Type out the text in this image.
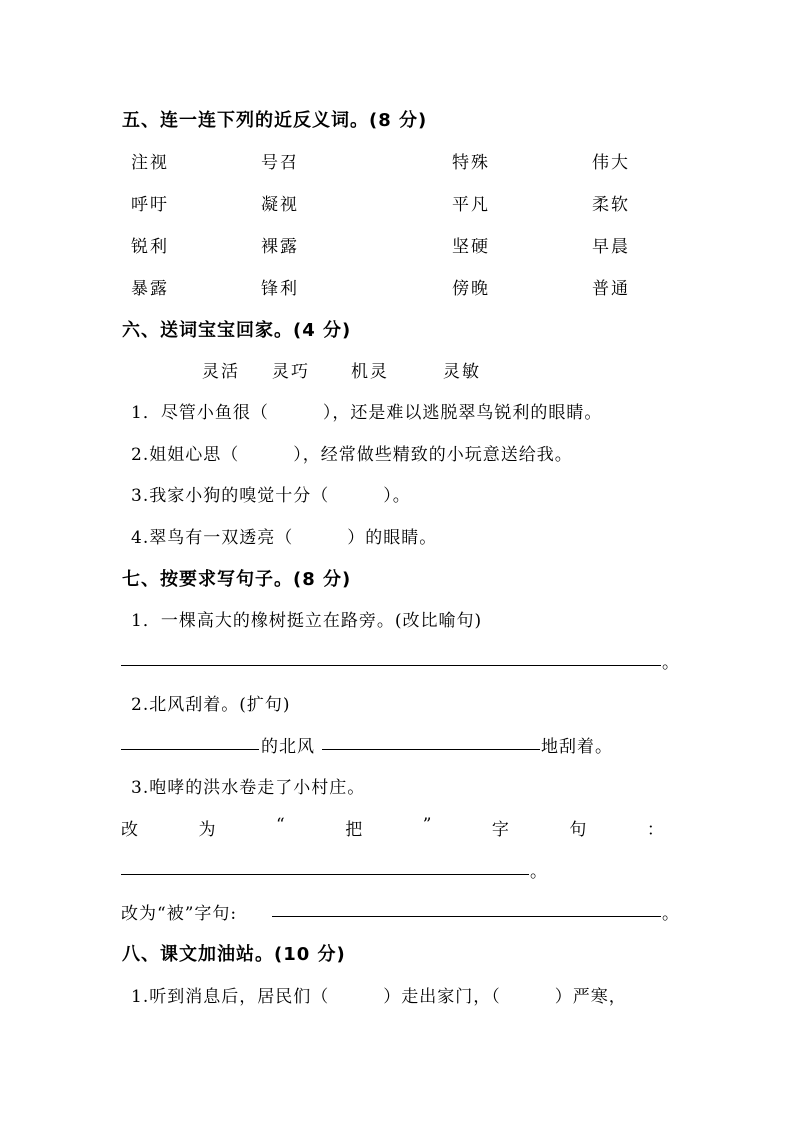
五、连一连下列的近反义词。(8 分)
注视	号召	特殊	伟大
呼吁	凝视	平凡	柔软
锐利	裸露	坚硬	早晨
暴露	锋利	傍晚	普通
六、送词宝宝回家。(4 分)
灵活 灵巧 机灵	灵敏
1．尽管小鱼很（　　　），还是难以逃脱翠鸟锐利的眼睛。
2.姐姐心思（　　　），经常做些精致的小玩意送给我。
3.我家小狗的嗅觉十分（　　　）。
4.翠鸟有一双透亮（　　　）的眼睛。
七、按要求写句子。(8 分)
1．一棵高大的橡树挺立在路旁。(改比喻句)
。
2.北风刮着。(扩句)
的北风	地刮着。
3.咆哮的洪水卷走了小村庄。
改	为	“	把	”	字	句	：
。
改为“被”字句:	。
八、课文加油站。(10 分)
1.听到消息后，居民们（　　　）走出家门，（　　　）严寒，
